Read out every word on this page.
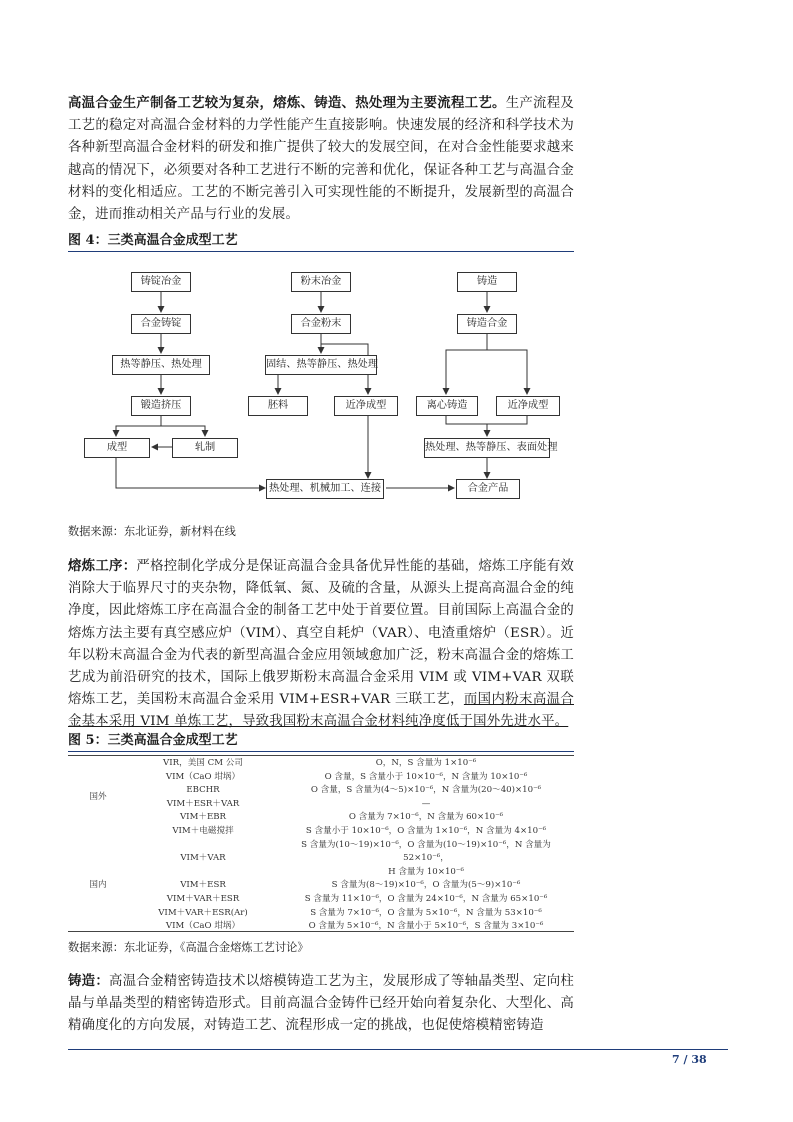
高温合金生产制备工艺较为复杂，熔炼、铸造、热处理为主要流程工艺。生产流程及工艺的稳定对高温合金材料的力学性能产生直接影响。快速发展的经济和科学技术为各种新型高温合金材料的研发和推广提供了较大的发展空间，在对合金性能要求越来越高的情况下，必须要对各种工艺进行不断的完善和优化，保证各种工艺与高温合金材料的变化相适应。工艺的不断完善引入可实现性能的不断提升，发展新型的高温合金，进而推动相关产品与行业的发展。

图 4：三类高温合金成型工艺

铸锭冶金
合金铸锭
热等静压、热处理
锻造挤压
成型	轧制
粉末冶金
合金粉末
固结、热等静压、热处理
胚料	近净成型
铸造
铸造合金
离心铸造	近净成型
热处理、热等静压、表面处理
热处理、机械加工、连接	合金产品

数据来源：东北证券，新材料在线

熔炼工序：严格控制化学成分是保证高温合金具备优异性能的基础，熔炼工序能有效消除大于临界尺寸的夹杂物，降低氧、氮、及硫的含量，从源头上提高高温合金的纯净度，因此熔炼工序在高温合金的制备工艺中处于首要位置。目前国际上高温合金的熔炼方法主要有真空感应炉（VIM）、真空自耗炉（VAR）、电渣重熔炉（ESR）。近年以粉末高温合金为代表的新型高温合金应用领域愈加广泛，粉末高温合金的熔炼工艺成为前沿研究的技术，国际上俄罗斯粉末高温合金采用 VIM 或 VIM+VAR 双联熔炼工艺，美国粉末高温合金采用 VIM+ESR+VAR 三联工艺，而国内粉末高温合金基本采用 VIM 单炼工艺，导致我国粉末高温合金材料纯净度低于国外先进水平。

图 5：三类高温合金成型工艺

国外	VIR，美国 CM 公司	O，N，S 含量为 1×10⁻⁶
	VIM（CaO 坩埚）	O 含量，S 含量小于 10×10⁻⁶，N 含量为 10×10⁻⁶
	EBCHR	O 含量，S 含量为(4～5)×10⁻⁶，N 含量为(20～40)×10⁻⁶
	VIM＋ESR＋VAR	—
	VIM＋EBR	O 含量为 7×10⁻⁶，N 含量为 60×10⁻⁶
	VIM＋电磁搅拌	S 含量小于 10×10⁻⁶，O 含量为 1×10⁻⁶，N 含量为 4×10⁻⁶
国内	VIM＋VAR	S 含量为(10～19)×10⁻⁶，O 含量为(10～19)×10⁻⁶，N 含量为 52×10⁻⁶，
H 含量为 10×10⁻⁶
	VIM＋ESR	S 含量为(8～19)×10⁻⁶，O 含量为(5～9)×10⁻⁶
	VIM＋VAR＋ESR	S 含量为 11×10⁻⁶，O 含量为 24×10⁻⁶，N 含量为 65×10⁻⁶
	VIM＋VAR＋ESR(Ar)	S 含量为 7×10⁻⁶，O 含量为 5×10⁻⁶，N 含量为 53×10⁻⁶
	VIM（CaO 坩埚）	O 含量为 5×10⁻⁶，N 含量小于 5×10⁻⁶，S 含量为 3×10⁻⁶

数据来源：东北证券，《高温合金熔炼工艺讨论》

铸造：高温合金精密铸造技术以熔模铸造工艺为主，发展形成了等轴晶类型、定向柱晶与单晶类型的精密铸造形式。目前高温合金铸件已经开始向着复杂化、大型化、高精确度化的方向发展，对铸造工艺、流程形成一定的挑战，也促使熔模精密铸造

7 / 38
